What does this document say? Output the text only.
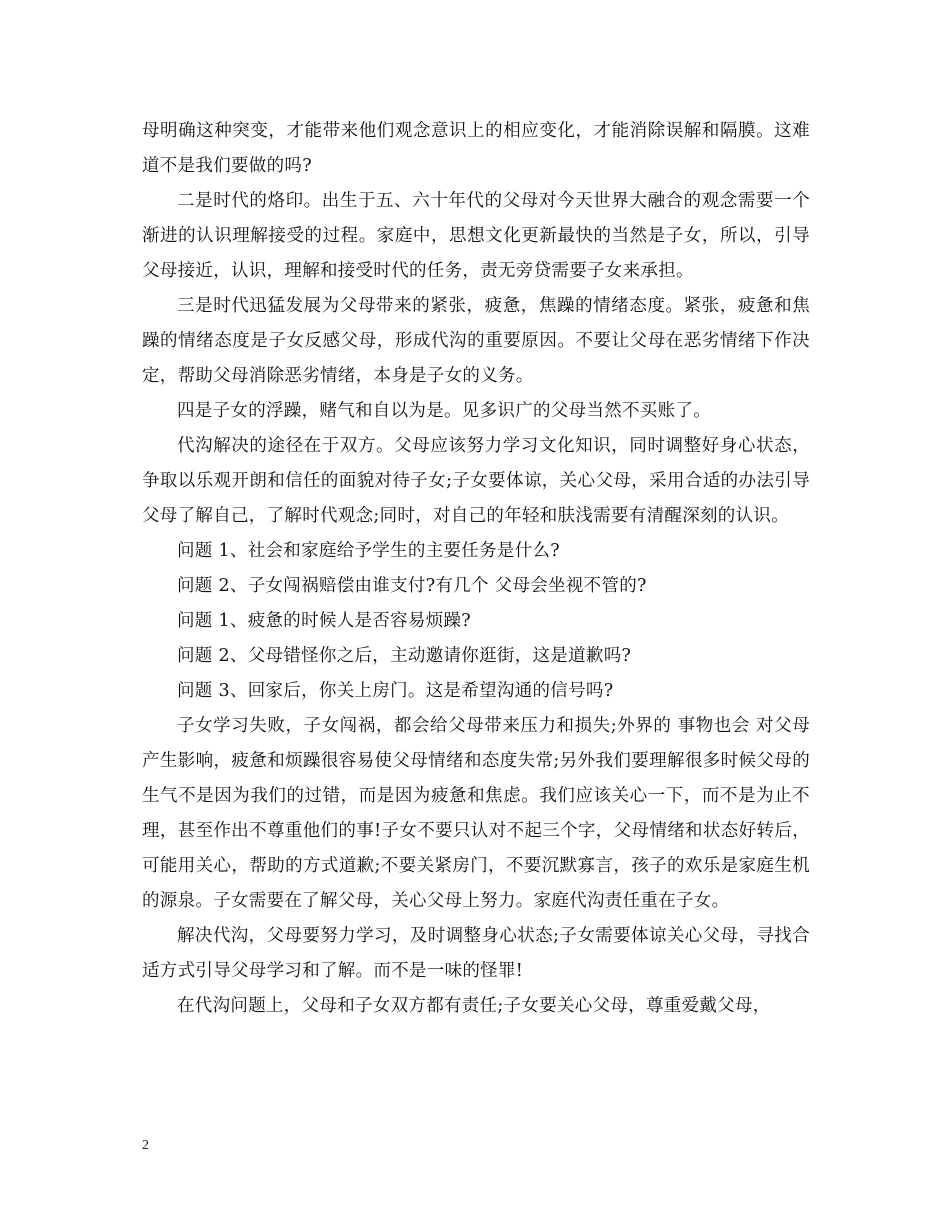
母明确这种突变，才能带来他们观念意识上的相应变化，才能消除误解和隔膜。这难道不是我们要做的吗?

二是时代的烙印。出生于五、六十年代的父母对今天世界大融合的观念需要一个渐进的认识理解接受的过程。家庭中，思想文化更新最快的当然是子女，所以，引导父母接近，认识，理解和接受时代的任务，责无旁贷需要子女来承担。

三是时代迅猛发展为父母带来的紧张，疲惫，焦躁的情绪态度。紧张，疲惫和焦躁的情绪态度是子女反感父母，形成代沟的重要原因。不要让父母在恶劣情绪下作决定，帮助父母消除恶劣情绪，本身是子女的义务。

四是子女的浮躁，赌气和自以为是。见多识广的父母当然不买账了。

代沟解决的途径在于双方。父母应该努力学习文化知识，同时调整好身心状态，争取以乐观开朗和信任的面貌对待子女;子女要体谅，关心父母，采用合适的办法引导父母了解自己，了解时代观念;同时，对自己的年轻和肤浅需要有清醒深刻的认识。

问题 1、社会和家庭给予学生的主要任务是什么?

问题 2、子女闯祸赔偿由谁支付?有几个 父母会坐视不管的?

问题 1、疲惫的时候人是否容易烦躁?

问题 2、父母错怪你之后，主动邀请你逛街，这是道歉吗?

问题 3、回家后，你关上房门。这是希望沟通的信号吗?

子女学习失败，子女闯祸，都会给父母带来压力和损失;外界的 事物也会 对父母产生影响，疲惫和烦躁很容易使父母情绪和态度失常;另外我们要理解很多时候父母的生气不是因为我们的过错，而是因为疲惫和焦虑。我们应该关心一下，而不是为止不理，甚至作出不尊重他们的事!子女不要只认对不起三个字，父母情绪和状态好转后，可能用关心，帮助的方式道歉;不要关紧房门，不要沉默寡言，孩子的欢乐是家庭生机的源泉。子女需要在了解父母，关心父母上努力。家庭代沟责任重在子女。

解决代沟，父母要努力学习，及时调整身心状态;子女需要体谅关心父母，寻找合适方式引导父母学习和了解。而不是一味的怪罪!

在代沟问题上，父母和子女双方都有责任;子女要关心父母，尊重爱戴父母，

2
